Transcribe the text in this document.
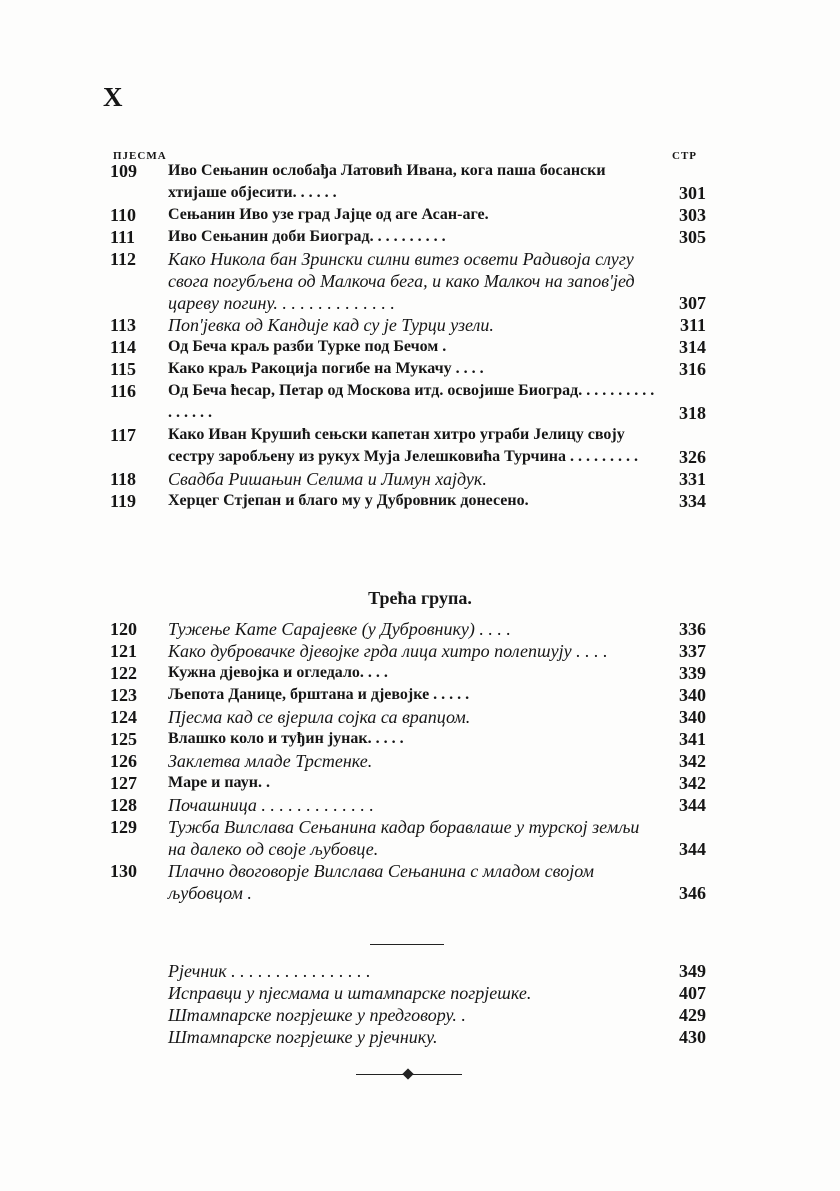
X
ПЈЕСМА	СТР
109	Иво Сењанин ослобађа Латовић Ивана, кога паша босански хтијаше објесити. . . . . .	301
110	Сењанин Иво узе град Јајце од аге Асан-аге.	303
111	Иво Сењанин доби Биоград. . . . . . . . . .	305
112	Како Никола бан Зрински силни витез освети Радивоја слугу свога погубљена од Малкоча бега, и како Малкоч на запов'јед цареву погину. . . . . . . . . . . . . .	307
113	Поп'јевка од Кандије кад су је Турци узели.	311
114	Од Беча краљ разби Турке под Бечом .	314
115	Како краљ Ракоција погибе на Мукачу . . . .	316
116	Од Беча ћесар, Петар од Москова итд. освојише Биоград. . . . . . . . . . . . . . . .	318
117	Како Иван Крушић сењски капетан хитро уграби Јелицу своју сестру заробљену из рукух Мујa Јелешковића Турчина . . . . . . . . .	326
118	Свадба Ришањин Селима и Лимун хајдук.	331
119	Херцег Стјепан и благо му у Дубровник донесено.	334
Трећа група.
120	Тужење Кате Сарајевке (у Дубровнику) . . . .	336
121	Како дубровачке дјевојке грда лица хитро полепшују . . . .	337
122	Кужна дјевојка и огледало. . . .	339
123	Љепота Данице, брштана и дјевојке . . . . .	340
124	Пјесма кад се вјерила сојка са врапцом.	340
125	Влашко коло и туђин јунак. . . . .	341
126	Заклетва младе Трстенке.	342
127	Маре и паун. .	342
128	Почашница . . . . . . . . . . . . .	344
129	Тужба Вилслава Сењанина кадар боравлаше у турској земљи на далеко од своје љубовце.	344
130	Плачно двоговорје Вилслава Сењанина с младом својом љубовцом .	346
Рјечник . . . . . . . . . . . . . . . .	349
Исправци у пјесмама и штампарске погрјешке.	407
Штампарске погрјешке у предговору. .	429
Штампарске погрјешке у рјечнику.	430
